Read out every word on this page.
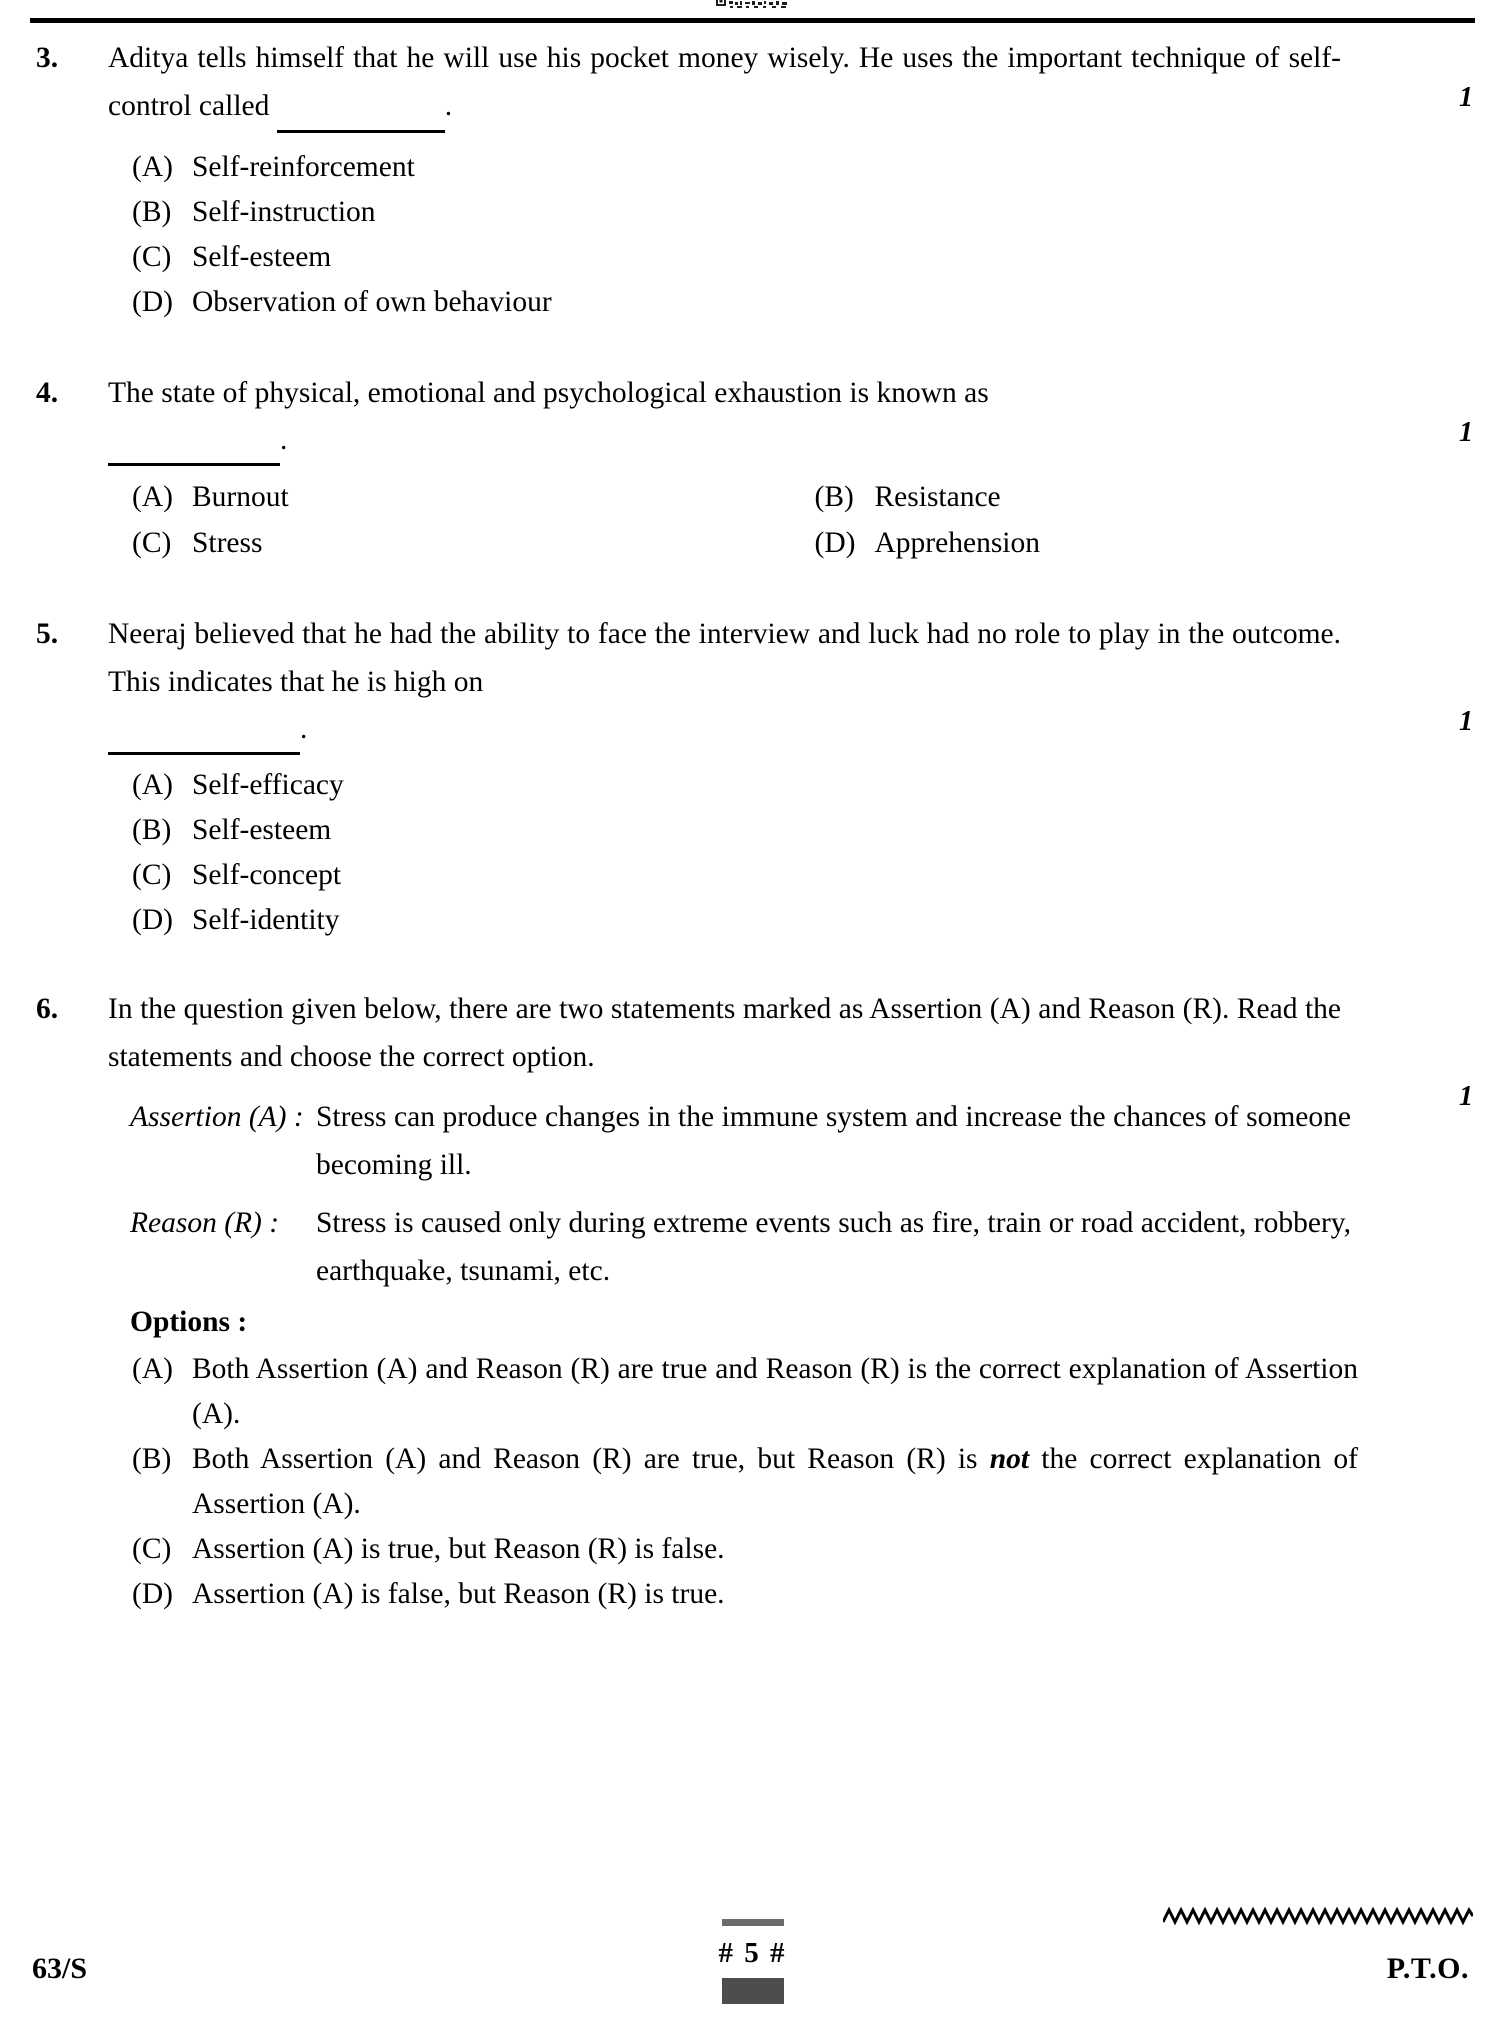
3.	Aditya tells himself that he will use his pocket money wisely. He uses the important technique of self-control called	.	1
(A) Self-reinforcement
(B) Self-instruction
(C) Self-esteem
(D) Observation of own behaviour
4.	The state of physical, emotional and psychological exhaustion is known as
.	1
(A) Burnout	(B) Resistance
(C) Stress	(D) Apprehension
5.	Neeraj believed that he had the ability to face the interview and luck had no role to play in the outcome. This indicates that he is high on
.	1
(A) Self-efficacy
(B) Self-esteem
(C) Self-concept
(D) Self-identity
6.	In the question given below, there are two statements marked as Assertion (A) and Reason (R). Read the statements and choose the correct option.
1
Assertion (A) : Stress can produce changes in the immune system and increase the chances of someone becoming ill.
Reason (R) :	Stress is caused only during extreme events such as fire, train or road accident, robbery, earthquake, tsunami, etc.
Options :
(A) Both Assertion (A) and Reason (R) are true and Reason (R) is the correct explanation of Assertion (A).
(B) Both Assertion (A) and Reason (R) are true, but Reason (R) is not the correct explanation of Assertion (A).
(C) Assertion (A) is true, but Reason (R) is false.
(D) Assertion (A) is false, but Reason (R) is true.
63/S	P.T.O.
# 5 #
